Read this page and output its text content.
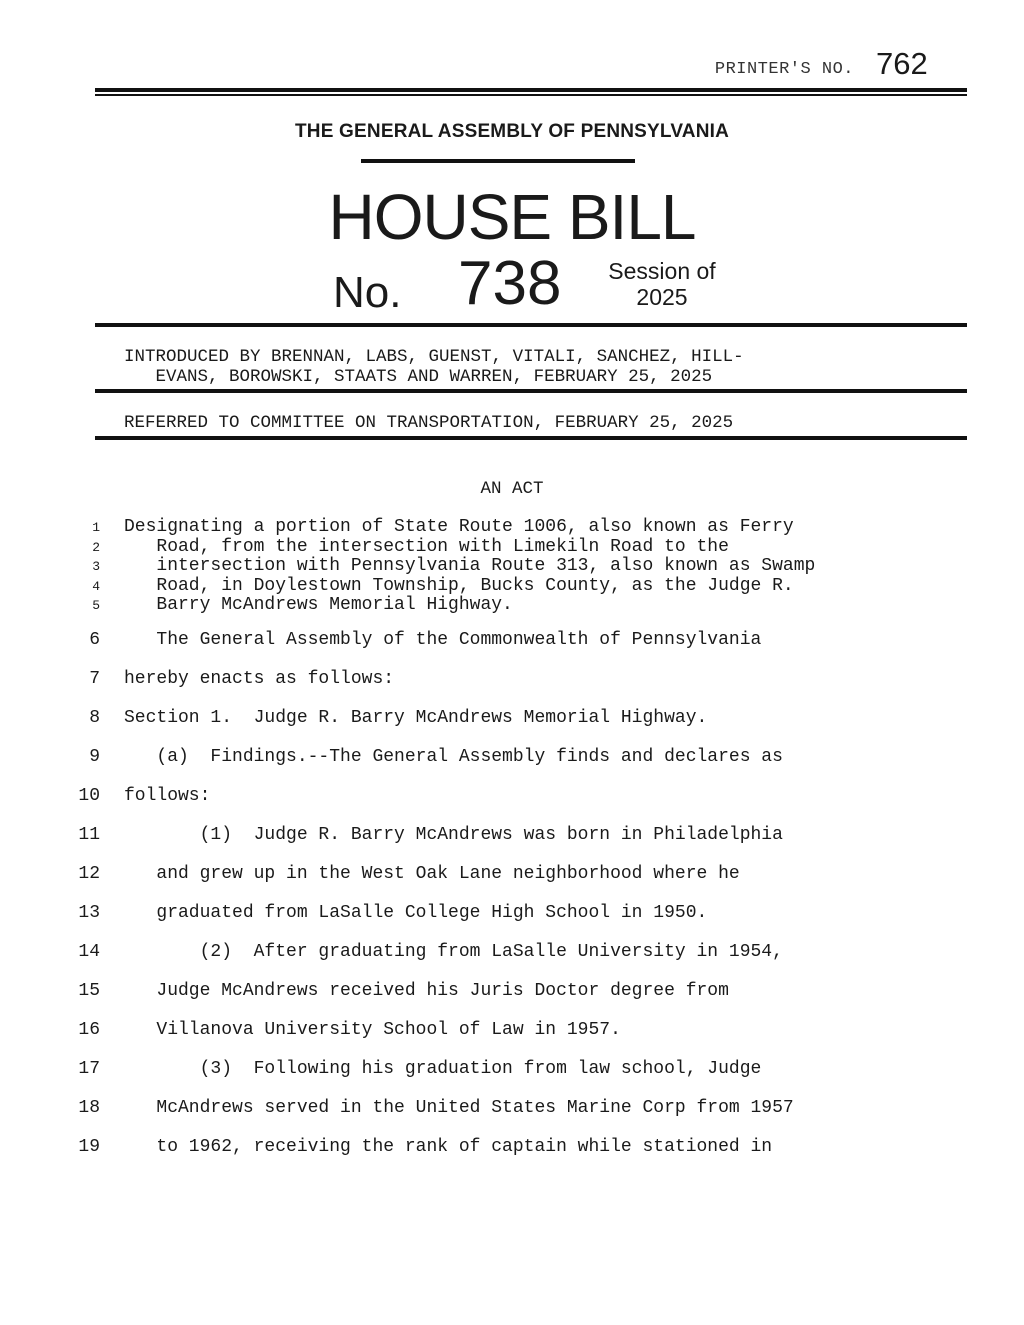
PRINTER'S NO. 762
THE GENERAL ASSEMBLY OF PENNSYLVANIA
HOUSE BILL
No. 738	Session of
2025
INTRODUCED BY BRENNAN, LABS, GUENST, VITALI, SANCHEZ, HILL-
EVANS, BOROWSKI, STAATS AND WARREN, FEBRUARY 25, 2025
REFERRED TO COMMITTEE ON TRANSPORTATION, FEBRUARY 25, 2025
AN ACT
1 Designating a portion of State Route 1006, also known as Ferry
2 Road, from the intersection with Limekiln Road to the
3 intersection with Pennsylvania Route 313, also known as Swamp
4 Road, in Doylestown Township, Bucks County, as the Judge R.
5 Barry McAndrews Memorial Highway.
6 The General Assembly of the Commonwealth of Pennsylvania
7 hereby enacts as follows:
8 Section 1.  Judge R. Barry McAndrews Memorial Highway.
9 (a)  Findings.--The General Assembly finds and declares as
10 follows:
11 (1)  Judge R. Barry McAndrews was born in Philadelphia
12 and grew up in the West Oak Lane neighborhood where he
13 graduated from LaSalle College High School in 1950.
14 (2)  After graduating from LaSalle University in 1954,
15 Judge McAndrews received his Juris Doctor degree from
16 Villanova University School of Law in 1957.
17 (3)  Following his graduation from law school, Judge
18 McAndrews served in the United States Marine Corp from 1957
19 to 1962, receiving the rank of captain while stationed in
